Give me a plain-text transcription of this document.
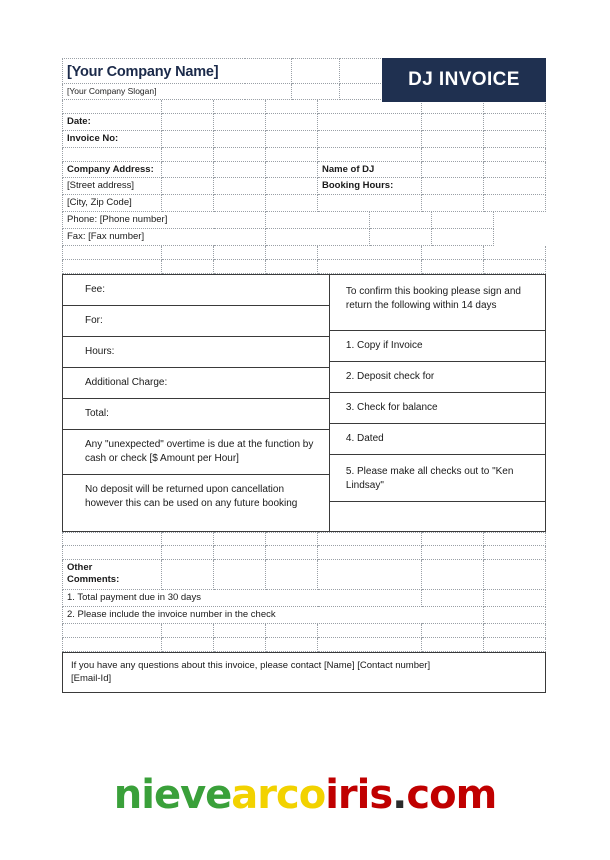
[Your Company Name]
[Your Company Slogan]
Date:
Invoice No:
Company Address:	Name of DJ
[Street address]	Booking Hours:
[City, Zip Code]
Phone: [Phone number]
Fax: [Fax number]
Fee:
For:
Hours:
Additional Charge:
Total:
Any "unexpected" overtime is due at the function by cash or check [$ Amount per Hour]
No deposit will be returned upon cancellation however this can be used on any future booking
To confirm this booking please sign and return the following within 14 days
1. Copy if Invoice
2. Deposit check for
3. Check for balance
4. Dated
5. Please make all checks out to "Ken Lindsay"
Other
Comments:
1. Total payment due in 30 days
2. Please include the invoice number in the check
If you have any questions about this invoice, please contact [Name] [Contact number]
[Email-Id]
DJ INVOICE
nievearcoiris.com
